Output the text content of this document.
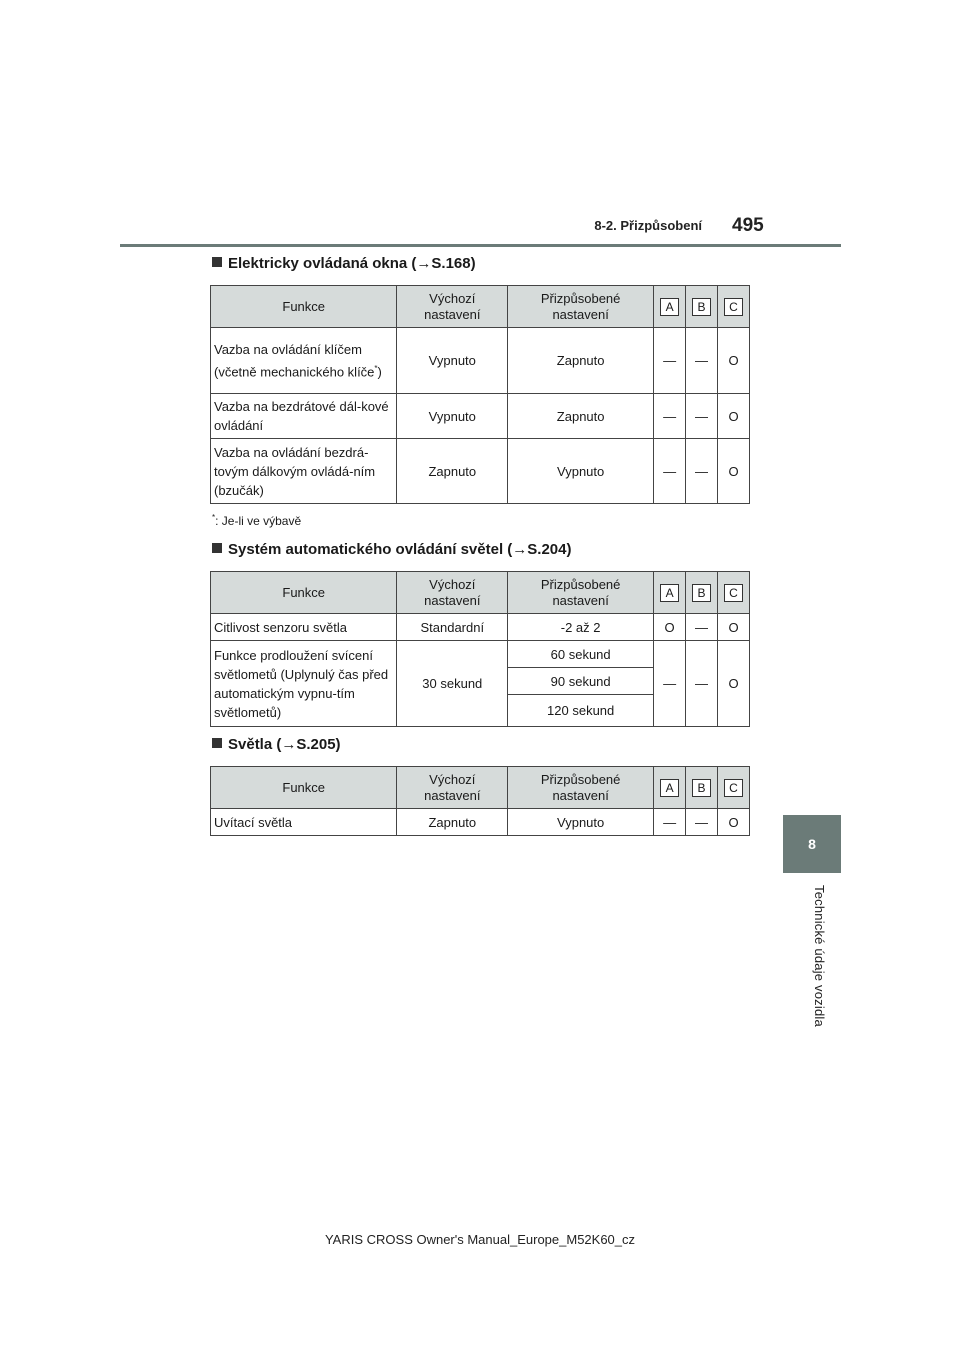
8-2. Přizpůsobení 495
8
Technické údaje vozidla
Elektricky ovládaná okna (→S.168)
Funkce	Výchozí nastavení	Přizpůsobené nastavení	A	B	C
Vazba na ovládání klíčem (včetně mechanického klíče*)	Vypnuto	Zapnuto	—	—	O
Vazba na bezdrátové dál-kové ovládání	Vypnuto	Zapnuto	—	—	O
Vazba na ovládání bezdrá-tovým dálkovým ovládá-ním (bzučák)	Zapnuto	Vypnuto	—	—	O
*: Je-li ve výbavě
Systém automatického ovládání světel (→S.204)
Funkce	Výchozí nastavení	Přizpůsobené nastavení	A	B	C
Citlivost senzoru světla	Standardní	-2 až 2	O	—	O
Funkce prodloužení svícení světlometů (Uplynulý čas před automatickým vypnu-tím světlometů)	30 sekund	60 sekund	—	—	O
		90 sekund			
		120 sekund			
Světla (→S.205)
Funkce	Výchozí nastavení	Přizpůsobené nastavení	A	B	C
Uvítací světla	Zapnuto	Vypnuto	—	—	O
YARIS CROSS Owner's Manual_Europe_M52K60_cz
